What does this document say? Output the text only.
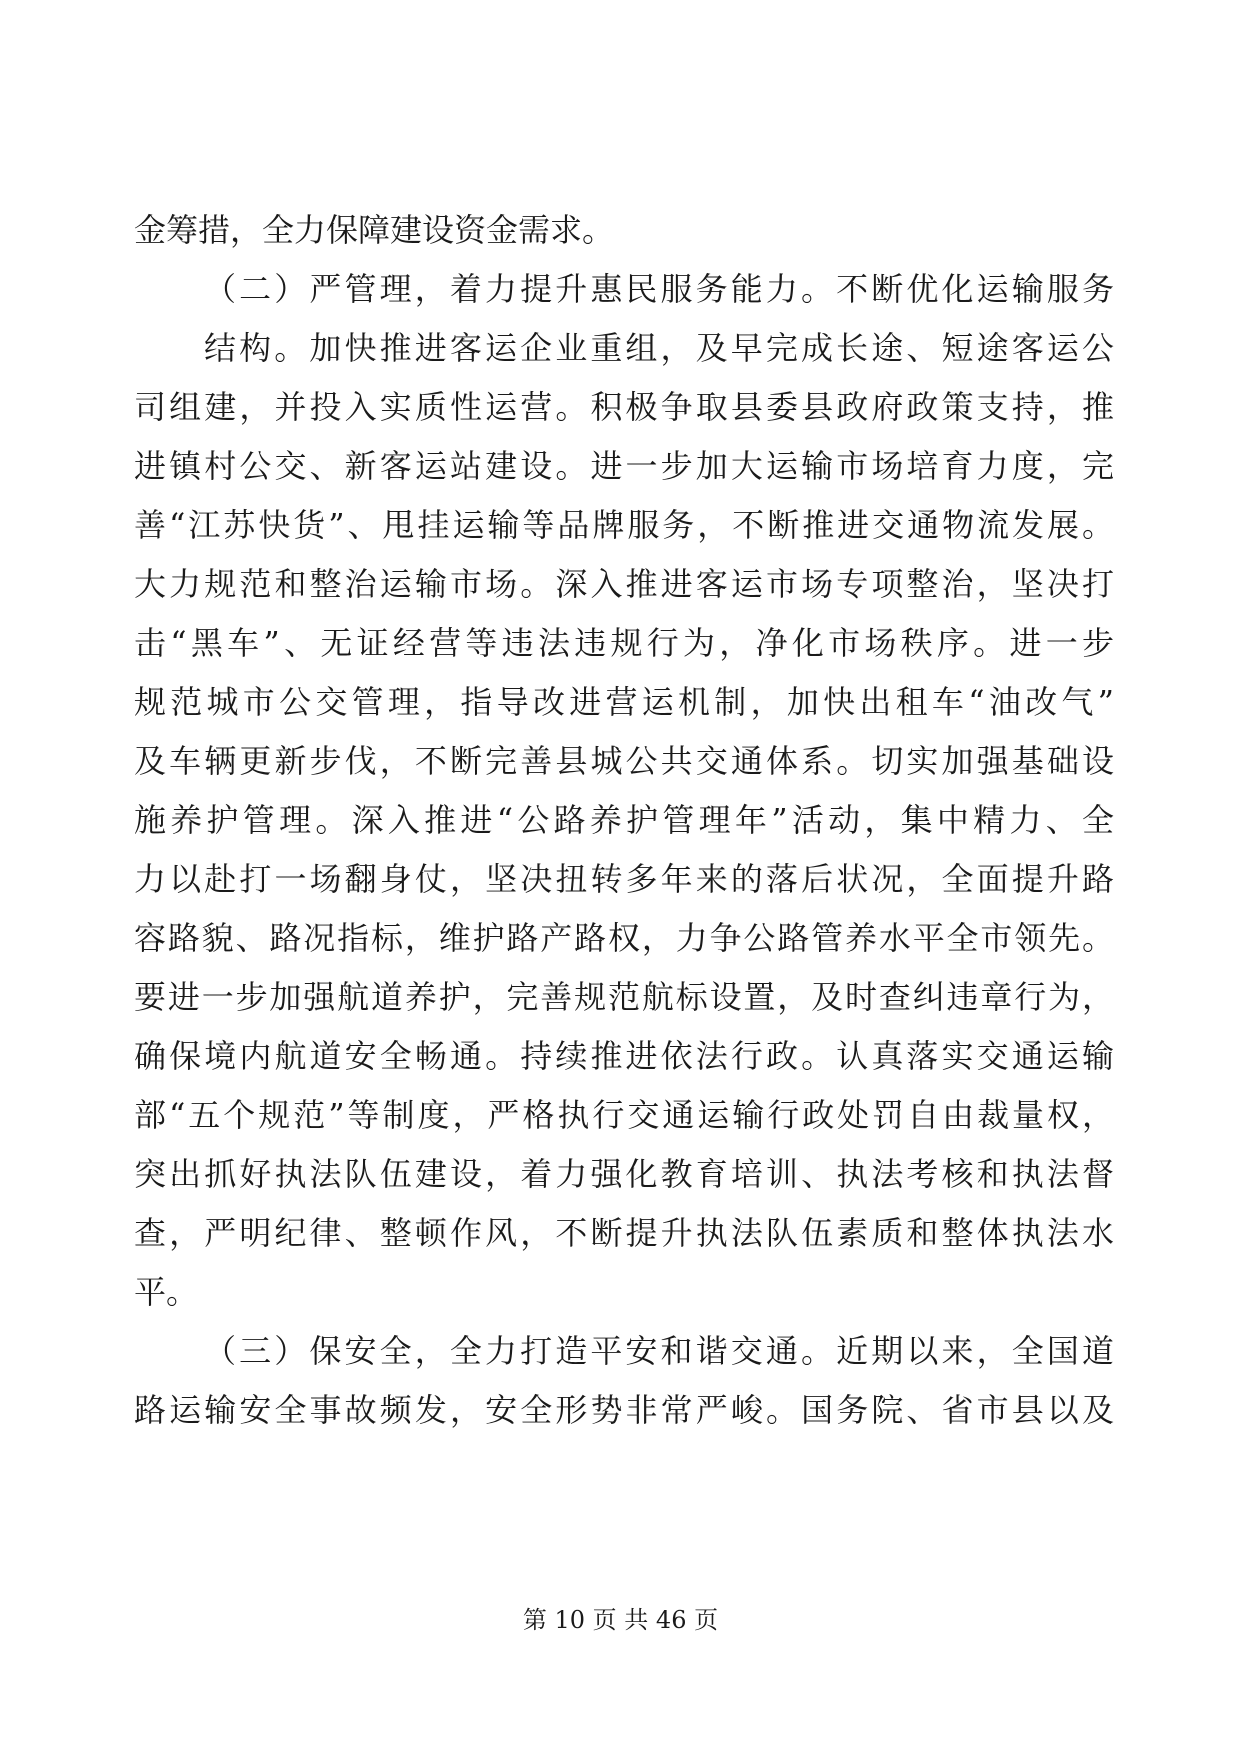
金筹措，全力保障建设资金需求。
（二）严管理，着力提升惠民服务能力。不断优化运输服务
结构。加快推进客运企业重组，及早完成长途、短途客运公
司组建，并投入实质性运营。积极争取县委县政府政策支持，推
进镇村公交、新客运站建设。进一步加大运输市场培育力度，完
善“江苏快货”、甩挂运输等品牌服务，不断推进交通物流发展。
大力规范和整治运输市场。深入推进客运市场专项整治，坚决打
击“黑车”、无证经营等违法违规行为，净化市场秩序。进一步
规范城市公交管理，指导改进营运机制，加快出租车“油改气”
及车辆更新步伐，不断完善县城公共交通体系。切实加强基础设
施养护管理。深入推进“公路养护管理年”活动，集中精力、全
力以赴打一场翻身仗，坚决扭转多年来的落后状况，全面提升路
容路貌、路况指标，维护路产路权，力争公路管养水平全市领先。
要进一步加强航道养护，完善规范航标设置，及时查纠违章行为，
确保境内航道安全畅通。持续推进依法行政。认真落实交通运输
部“五个规范”等制度，严格执行交通运输行政处罚自由裁量权，
突出抓好执法队伍建设，着力强化教育培训、执法考核和执法督
查，严明纪律、整顿作风，不断提升执法队伍素质和整体执法水
平。
（三）保安全，全力打造平安和谐交通。近期以来，全国道
路运输安全事故频发，安全形势非常严峻。国务院、省市县以及
第 10 页 共 46 页
